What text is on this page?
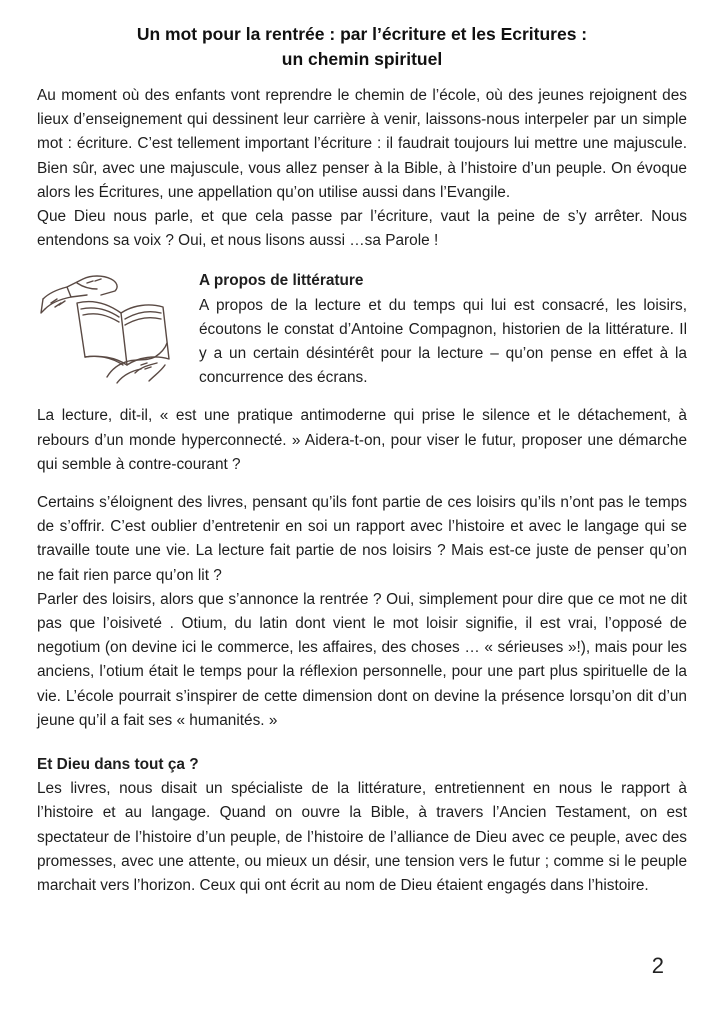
Un mot pour la rentrée : par l’écriture et les Ecritures :
un chemin spirituel

Au moment où des enfants vont reprendre le chemin de l’école, où des jeunes rejoignent des lieux d’enseignement qui dessinent leur carrière à venir, laissons-nous interpeler par un simple mot : écriture. C’est tellement important l’écriture : il faudrait toujours lui mettre une majuscule. Bien sûr, avec une majuscule, vous allez penser à la Bible, à l’histoire d’un peuple. On évoque alors les Écritures, une appellation qu’on utilise aussi dans l’Evangile.

Que Dieu nous parle, et que cela passe par l’écriture, vaut la peine de s’y arrêter. Nous entendons sa voix ? Oui, et nous lisons aussi …sa Parole !

A propos de littérature

A propos de la lecture et du temps qui lui est consacré, les loisirs, écoutons le constat d’Antoine Compagnon, historien de la littérature. Il y a un certain désintérêt pour la lecture – qu’on pense en effet à la concurrence des écrans.

La lecture, dit-il, « est une pratique antimoderne qui prise le silence et le détachement, à rebours d’un monde hyperconnecté. » Aidera-t-on, pour viser le futur, proposer une démarche qui semble à contre-courant ?

Certains s’éloignent des livres, pensant qu’ils font partie de ces loisirs qu’ils n’ont pas le temps de s’offrir. C’est oublier d’entretenir en soi un rapport avec l’histoire et avec le langage qui se travaille toute une vie. La lecture fait partie de nos loisirs ? Mais est-ce juste de penser qu’on ne fait rien parce qu’on lit ?

Parler des loisirs, alors que s’annonce la rentrée ? Oui, simplement pour dire que ce mot ne dit pas que l’oisiveté . Otium, du latin dont vient le mot loisir signifie, il est vrai, l’opposé de negotium (on devine ici le commerce, les affaires, des choses … « sérieuses »!), mais pour les anciens, l’otium était le temps pour la réflexion personnelle, pour une part plus spirituelle de la vie. L’école pourrait s’inspirer de cette dimension dont on devine la présence lorsqu’on dit d’un jeune qu’il a fait ses « humanités. »

Et Dieu dans tout ça ?

Les livres, nous disait un spécialiste de la littérature, entretiennent en nous le rapport à l’histoire et au langage. Quand on ouvre la Bible, à travers l’Ancien Testament, on est spectateur de l’histoire d’un peuple, de l’histoire de l’alliance de Dieu avec ce peuple, avec des promesses, avec une attente, ou mieux un désir, une tension vers le futur ; comme si le peuple marchait vers l’horizon. Ceux qui ont écrit au nom de Dieu étaient engagés dans l’histoire.

2
